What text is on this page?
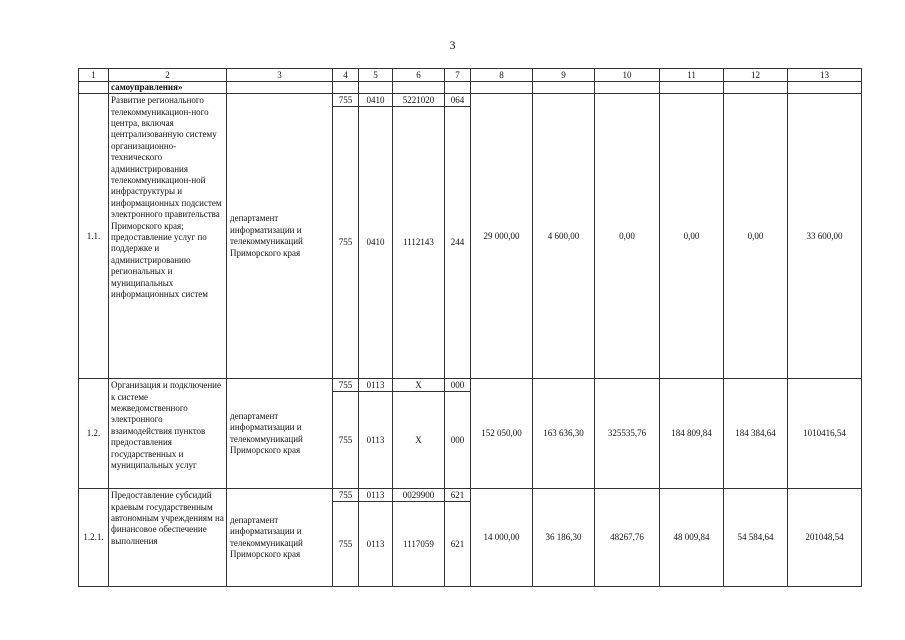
3
1	2	3	4	5	6	7	8	9	10	11	12	13
	самоуправления»											
1.1.	Развитие регионального телекоммуникацион-ного центра, включая централизованную систему организационно-технического администрирования телекоммуникацион-ной инфраструктуры и информационных подсистем электронного правительства Приморского края; предоставление услуг по поддержке и администрированию региональных и муниципальных информационных систем	департамент информатизации и телекоммуникаций Приморского края	755	0410	5221020	064	29 000,00	4 600,00	0,00	0,00	0,00	33 600,00
			755	0410	1112143	244						
1.2.	Организация и подключение к системе межведомственного электронного взаимодействия пунктов предоставления государственных и муниципальных услуг	департамент информатизации и телекоммуникаций Приморского края	755	0113	Х	000	152 050,00	163 636,30	325535,76	184 809,84	184 384,64	1010416,54
			755	0113	Х	000						
1.2.1.	Предоставление субсидий краевым государственным автономным учреждениям на финансовое обеспечение выполнения	департамент информатизации и телекоммуникаций Приморского края	755	0113	0029900	621	14 000,00	36 186,30	48267,76	48 009,84	54 584,64	201048,54
			755	0113	1117059	621						
